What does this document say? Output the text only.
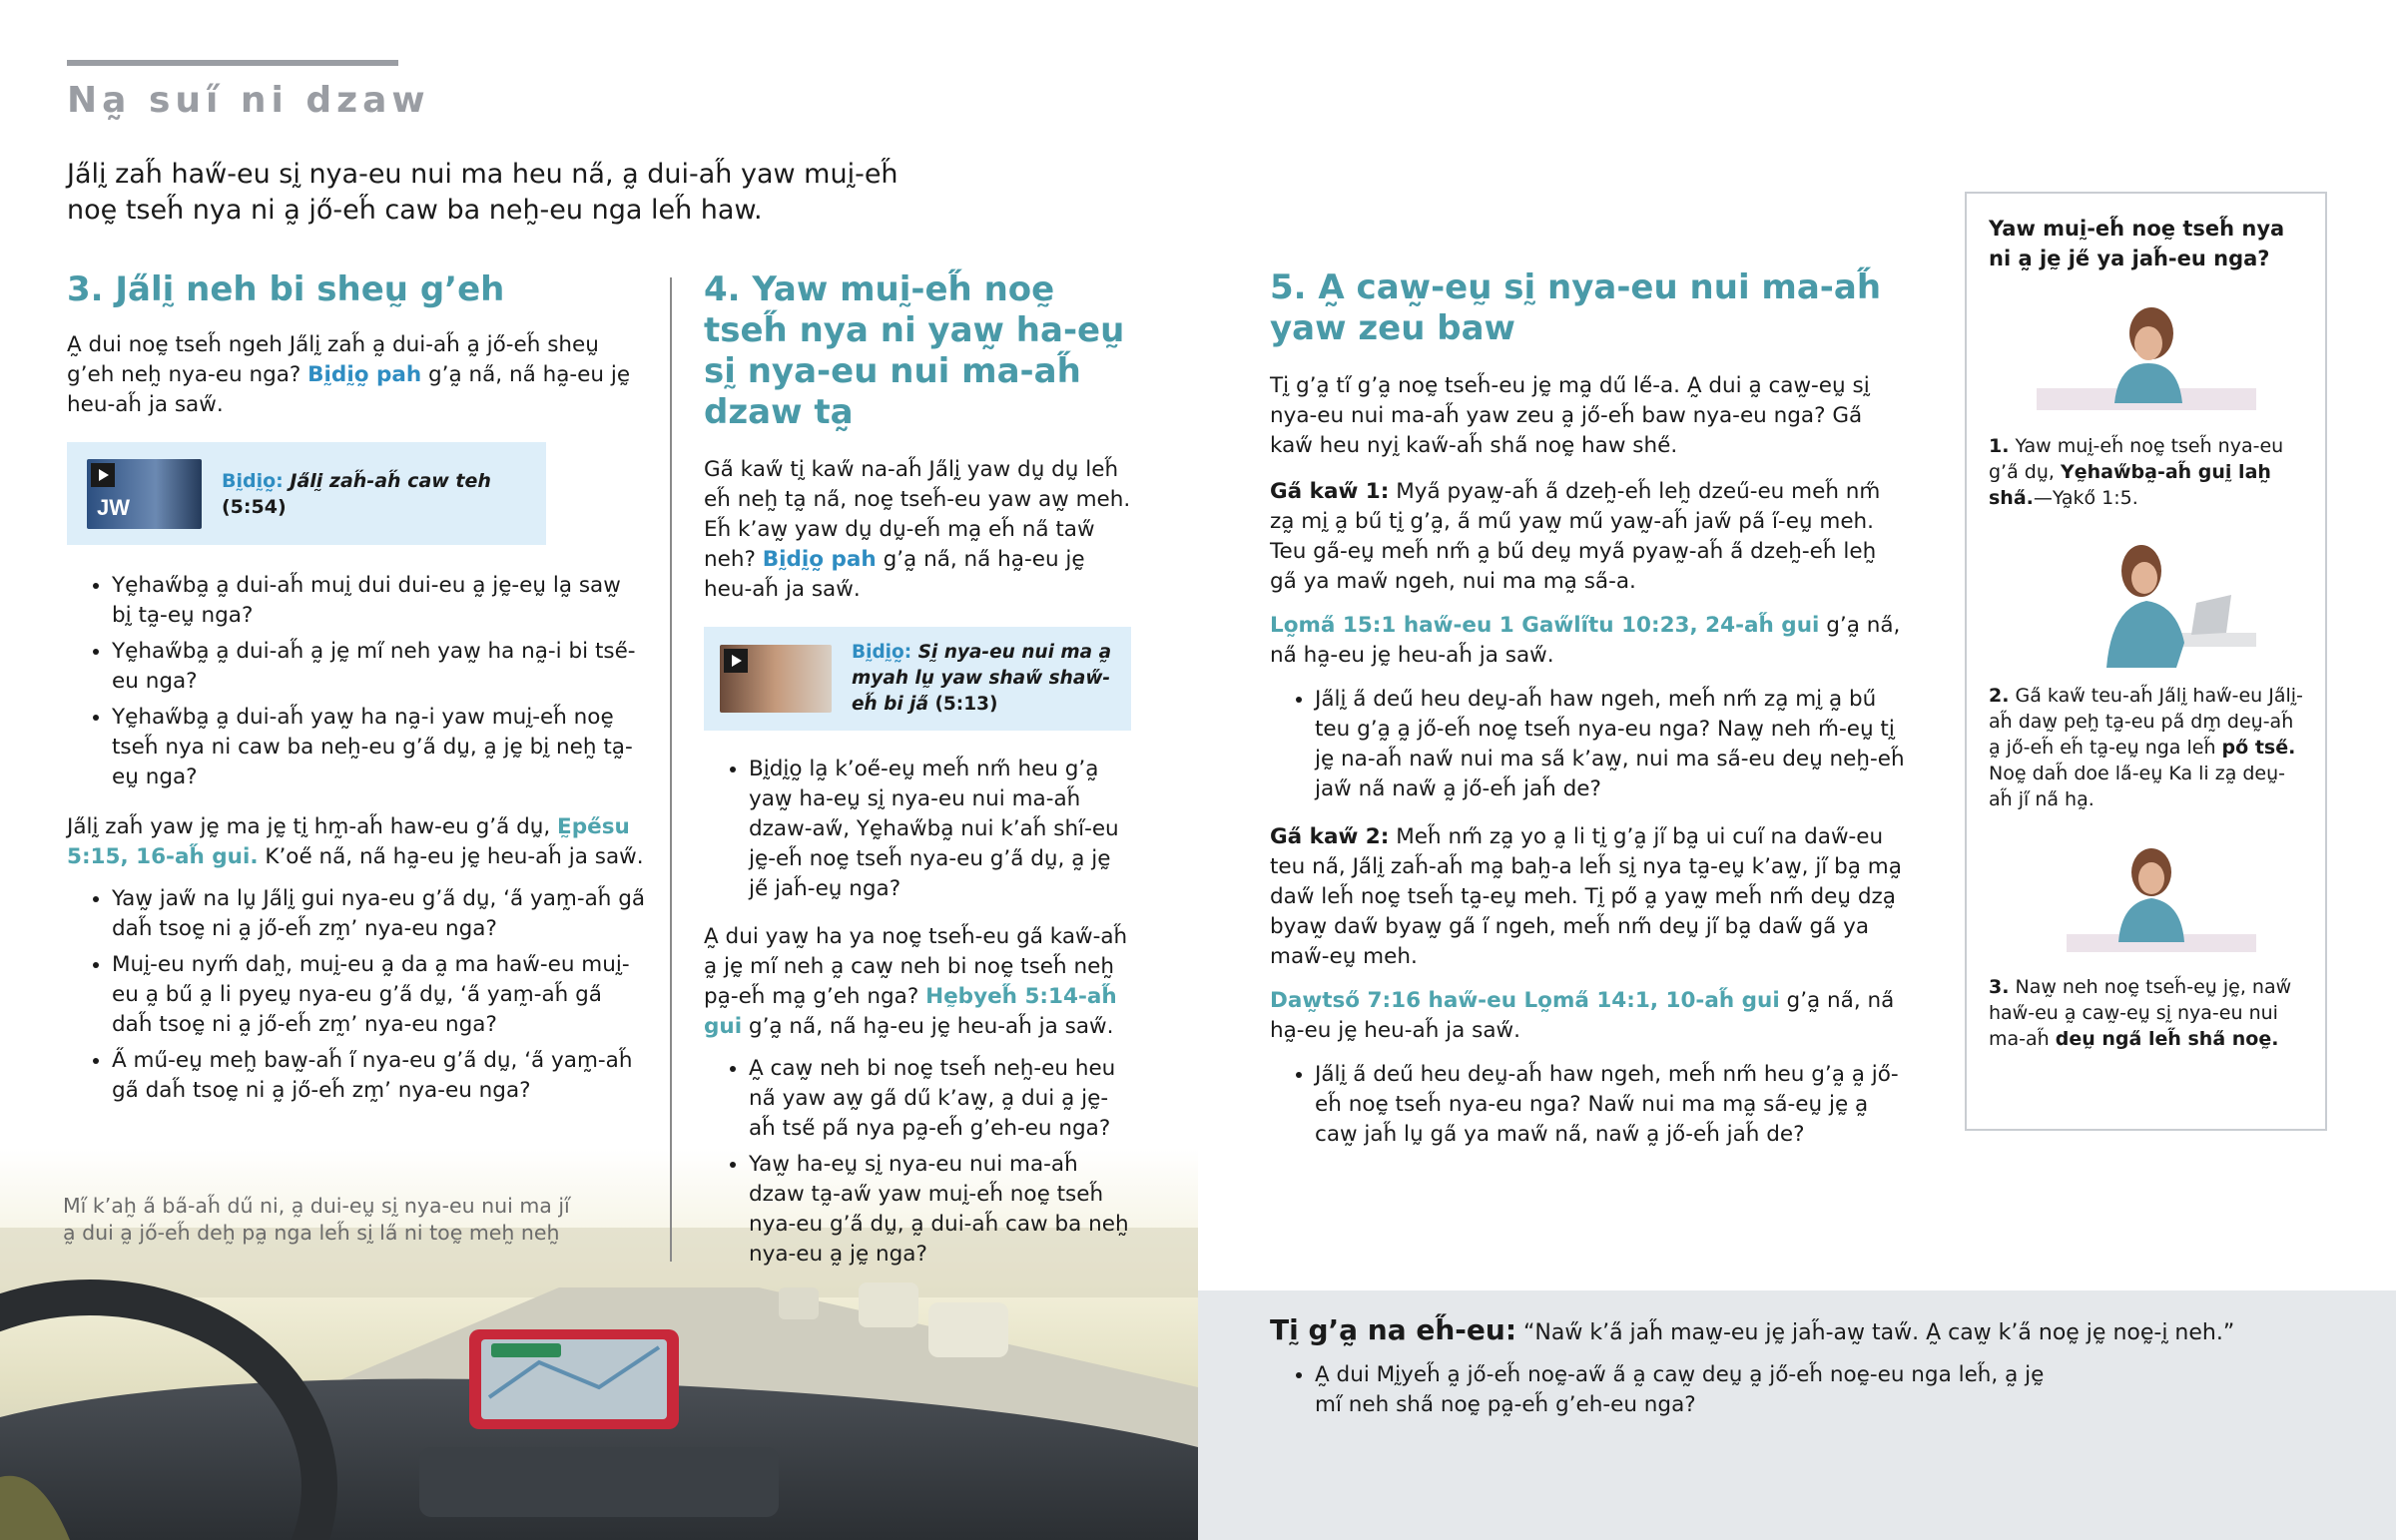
Na̰ sui̋ ni dzaw
Ja̋lḭ zah̋ haw̋-eu sḭ nya-eu nui ma heu na̋, a̰ dui-ah̋ yaw muḭ-eh̋ noḛ tseh̋ nya ni a̰ jő-eh̋ caw ba neh̰-eu nga leh̋ haw.
Mi̋ k’ah̰ a̋ ba̋-ah̋ dű ni, a̰ dui-eṵ sḭ nya-eu nui ma ji̋ a̰ dui a̰ jő-eh̋ deh̰ pa̰ nga leh̋ sḭ la̋ ni toḛ meh̰ neh̰
3. Ja̋lḭ neh bi sheṵ g’eh

A̰ dui noḛ tseh̋ ngeh Ja̋lḭ zah̋ a̰ dui-ah̋ a̰ jő-eh̋ sheṵ g’eh neh̰ nya-eu nga? Bḭdḭo̰ pah g’a̰ na̋, na̋ ha̰-eu jḛ heu-ah̋ ja saw̋.

JW
Bḭdḭo̰: Ja̋lḭ zah̋-ah̋ caw teh
(5:54)
• Yḛhaw̋ba̰ a̰ dui-ah̋ muḭ dui dui-eu a̰ jḛ-eṵ la̰ saw̰ bḭ ta̰-eṵ nga?
• Yḛhaw̋ba̰ a̰ dui-ah̋ a̰ jḛ mi̋ neh yaw̰ ha na̰-i bi tse̋-eu nga?
• Yḛhaw̋ba̰ a̰ dui-ah̋ yaw̰ ha na̰-i yaw muḭ-eh̋ noḛ tseh̋ nya ni caw ba neh̰-eu g’a̋ dṵ, a̰ jḛ bḭ neh̰ ta̰-eṵ nga?

Ja̋lḭ zah̋ yaw jḛ ma jḛ tḭ hm̰-ah̋ haw-eu g’a̋ dṵ, Ḛpe̋su 5:15, 16-ah̋ gui. K’oe̋ na̋, na̋ ha̰-eu jḛ heu-ah̋ ja saw̋.

• Yaw̰ jaw̋ na lṵ Ja̋lḭ gui nya-eu g’a̋ dṵ, ‘a̋ yam̰-ah̋ ga̋ dah̋ tsoḛ ni a̰ jő-eh̋ zm̰’ nya-eu nga?
• Muḭ-eu nym̋ dah̰, muḭ-eu a̰ da a̰ ma haw̋-eu muḭ-eu a̰ bű a̰ li pyeṵ nya-eu g’a̋ dṵ, ‘a̋ yam̰-ah̋ ga̋ dah̋ tsoḛ ni a̰ jő-eh̋ zm̰’ nya-eu nga?
• A̋ mű-eṵ meh̰ baw̰-ah̋ i̋ nya-eu g’a̋ dṵ, ‘a̋ yam̰-ah̋ ga̋ dah̋ tsoḛ ni a̰ jő-eh̋ zm̰’ nya-eu nga?
4. Yaw muḭ-eh̋ noḛ tseh̋ nya ni yaw̰ ha-eṵ sḭ nya-eu nui ma-ah̋ dzaw ta̰

Ga̋ kaw̋ tḭ kaw̋ na-ah̋ Ja̋lḭ yaw dṵ dṵ leh̋ eh̋ neh̰ ta̰ na̋, noḛ tseh̋-eu yaw aw̰ meh. Eh̋ k’aw̰ yaw dṵ dṵ-eh̋ ma̰ eh̋ na̋ taw̋ neh? Bḭdḭo̰ pah g’a̰ na̋, na̋ ha̰-eu jḛ heu-ah̋ ja saw̋.

Bḭdḭo̰: Sḭ nya-eu nui ma a̰ myah lṵ yaw shaw̋ shaw̋-eh̋ bi ja̋ (5:13)
• Bḭdḭo̰ la̰ k’oe̋-eṵ meh̋ nm̋ heu g’a̰ yaw̰ ha-eṵ sḭ nya-eu nui ma-ah̋ dzaw-aw̋, Yḛhaw̋ba̰ nui k’ah̋ shi̋-eu jḛ-eh̋ noḛ tseh̋ nya-eu g’a̋ dṵ, a̰ jḛ je̋ jah̋-eṵ nga?

A̰ dui yaw̰ ha ya noḛ tseh̋-eu ga̋ kaw̋-ah̋ a̰ jḛ mi̋ neh a̰ caw̰ neh bi noḛ tseh̋ neh̰ pa̰-eh̋ ma̰ g’eh nga? Hḛbyeh̋ 5:14-ah̋ gui g’a̰ na̋, na̋ ha̰-eu jḛ heu-ah̋ ja saw̋.

• A̰ caw̰ neh bi noḛ tseh̋ neh̰-eu heu na̋ yaw aw̰ ga̋ dű k’aw̰, a̰ dui a̰ jḛ-ah̋ tse̋ pa̋ nya pa̰-eh̋ g’eh-eu nga?
• Yaw̰ ha-eṵ sḭ nya-eu nui ma-ah̋ dzaw ta̰-aw̋ yaw muḭ-eh̋ noḛ tseh̋ nya-eu g’a̋ dṵ, a̰ dui-ah̋ caw ba neh̰ nya-eu a̰ jḛ nga?
5. A̰ caw̰-eṵ sḭ nya-eu nui ma-ah̋ yaw zeu baw

Tḭ g’a̰ ti̋ g’a̰ noḛ tseh̋-eu jḛ ma̰ dű le̋-a. A̰ dui a̰ caw̰-eṵ sḭ nya-eu nui ma-ah̋ yaw zeu a̰ jő-eh̋ baw nya-eu nga? Ga̋ kaw̋ heu nyḭ kaw̋-ah̋ sha̋ noḛ haw she̋.

Ga̋ kaw̋ 1: Mya̋ pyaw̰-ah̋ a̋ dzeh̰-eh̋ leh̰ dzeű-eu meh̋ nm̋ za̰ mḭ a̰ bű tḭ g’a̰, a̋ mű yaw̰ mű yaw̰-ah̋ jaw̋ pa̋ i̋-eṵ meh. Teu ga̋-eṵ meh̋ nm̋ a̰ bű deṵ mya̋ pyaw̰-ah̋ a̋ dzeh̰-eh̋ leh̰ ga̋ ya maw̋ ngeh, nui ma ma̰ sa̋-a.

Lo̰ma̋ 15:1 haw̋-eu 1 Gaw̋li̋tu 10:23, 24-ah̋ gui g’a̰ na̋, na̋ ha̰-eu jḛ heu-ah̋ ja saw̋.

• Ja̋lḭ a̋ deű heu deṵ-ah̋ haw ngeh, meh̋ nm̋ za̰ mḭ a̰ bű teu g’a̰ a̰ jő-eh̋ noḛ tseh̋ nya-eu nga? Naw̰ neh m̋-eṵ tḭ jḛ na-ah̋ naw̋ nui ma sa̋ k’aw̰, nui ma sa̋-eu deṵ neh̰-eh̋ jaw̋ na̋ naw̋ a̰ jő-eh̋ jah̋ de?

Ga̋ kaw̋ 2: Meh̋ nm̋ za̰ yo a̰ li tḭ g’a̰ ji̋ ba̰ ui cui̋ na daw̋-eu teu na̋, Ja̋lḭ zah̋-ah̋ ma̰ bah̰-a leh̋ sḭ nya ta̰-eṵ k’aw̰, ji̋ ba̰ ma̰ daw̋ leh̋ noḛ tseh̋ ta̰-eṵ meh. Tḭ pő a̰ yaw̰ meh̋ nm̋ deṵ dza̰ byaw̰ daw̋ byaw̰ ga̋ i̋ ngeh, meh̋ nm̋ deṵ ji̋ ba̰ daw̋ ga̋ ya maw̋-eṵ meh.

Daw̰tső 7:16 haw̋-eu Lo̰ma̋ 14:1, 10-ah̋ gui g’a̰ na̋, na̋ ha̰-eu jḛ heu-ah̋ ja saw̋.

• Ja̋lḭ a̋ deű heu deṵ-ah̋ haw ngeh, meh̋ nm̋ heu g’a̰ a̰ jő-eh̋ noḛ tseh̋ nya-eu nga? Naw̋ nui ma ma̰ sa̋-eṵ jḛ a̰ caw̰ jah̋ lṵ ga̋ ya maw̋ na̋, naw̋ a̰ jő-eh̋ jah̋ de?
Yaw muḭ-eh̋ noḛ tseh̋ nya ni a̰ jḛ je̋ ya jah̋-eu nga?
1. Yaw muḭ-eh̋ noḛ tseh̋ nya-eu g’a̋ dṵ, Yḛhaw̋ba̰-ah̋ guḭ lah̰ sha̋.—Ya̰kő 1:5.
2. Ga̋ kaw̋ teu-ah̋ Ja̋lḭ haw̋-eu Ja̋lḭ-ah̋ daw̰ peh̰ ta̰-eu pa̋ dm̰ deṵ-ah̋ a̰ jő-eh̋ eh̋ ta̰-eṵ nga leh̋ pő tse̋. Noḛ dah̋ doe la̋-eṵ Ka li za̰ deṵ-ah̋ ji̋ na̋ ha̰.
3. Naw̰ neh noḛ tseh̋-eṵ jḛ, naw̋ haw̋-eu a̰ caw̰-eṵ sḭ nya-eu nui ma-ah̋ deṵ nga̋ leh̋ sha̋ noḛ.
Tḭ g’a̰ na eh̋-eu: “Naw̋ k’a̋ jah̋ maw̰-eu jḛ jah̋-aw̰ taw̋. A̰ caw̰ k’a̋ noḛ jḛ noḛ-ḭ neh.”
• A̰ dui Mḭyeh̋ a̰ jő-eh̋ noḛ-aw̋ a̋ a̰ caw̰ deṵ a̰ jő-eh̋ noḛ-eu nga leh̋, a̰ jḛ mi̋ neh sha̋ noḛ pa̰-eh̋ g’eh-eu nga?
